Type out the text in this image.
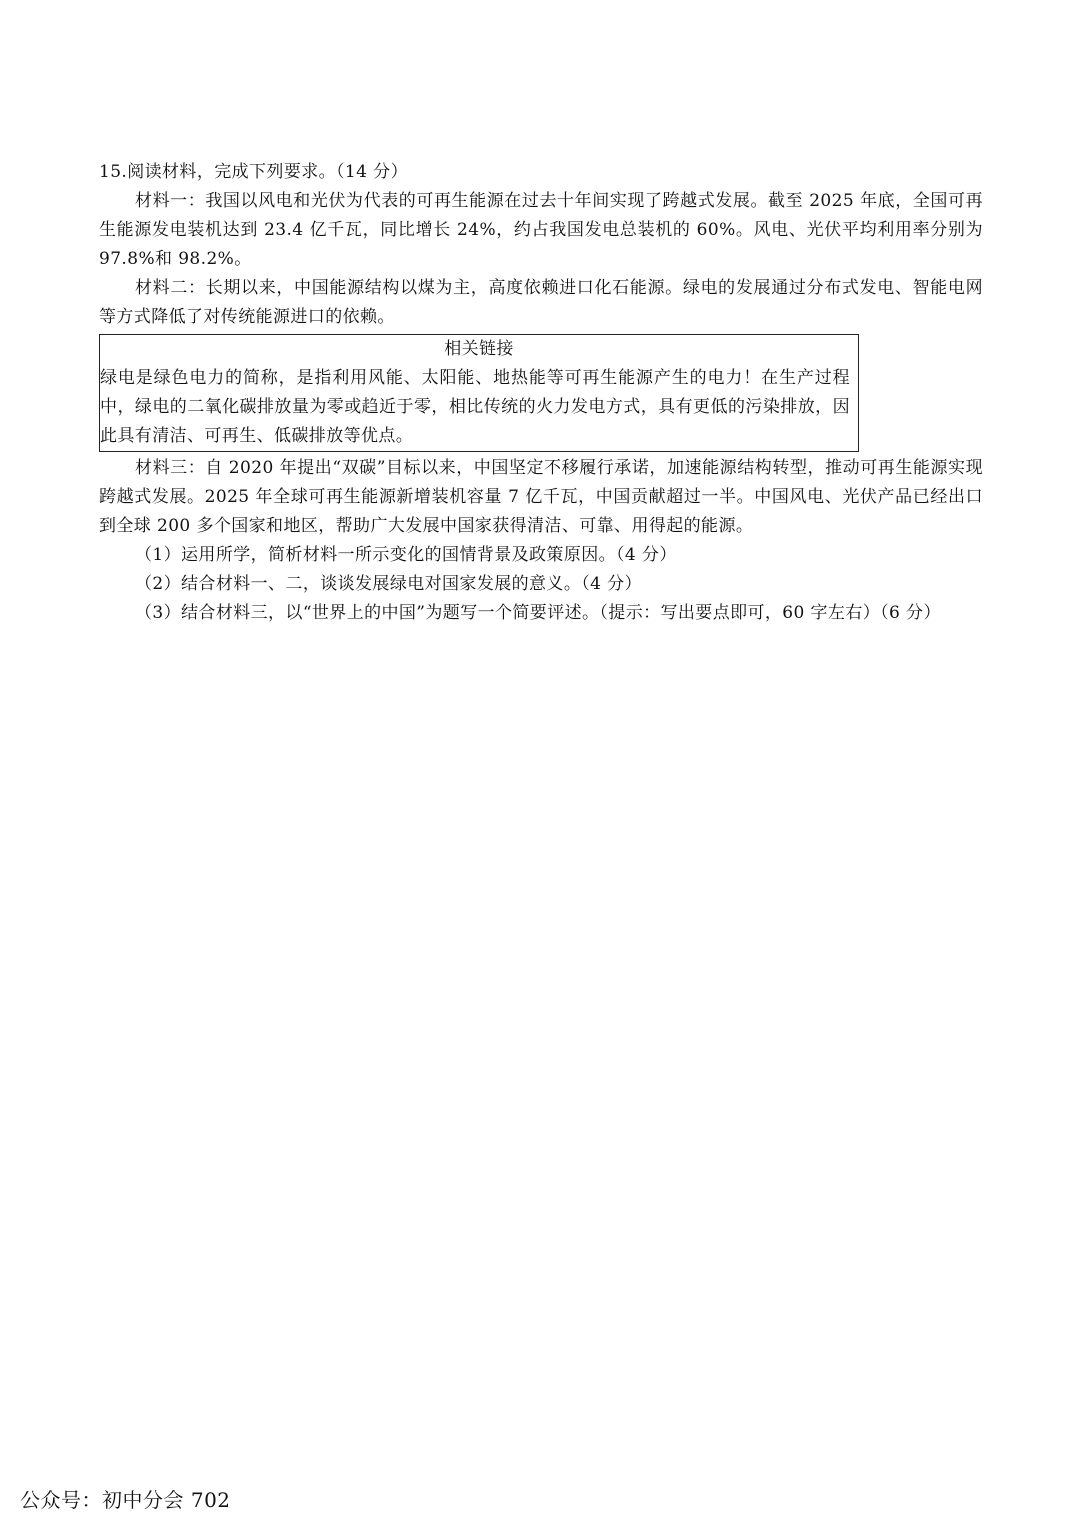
15.阅读材料，完成下列要求。（14 分）

材料一：我国以风电和光伏为代表的可再生能源在过去十年间实现了跨越式发展。截至 2025 年底，全国可再生能源发电装机达到 23.4 亿千瓦，同比增长 24%，约占我国发电总装机的 60%。风电、光伏平均利用率分别为 97.8%和 98.2%。

材料二：长期以来，中国能源结构以煤为主，高度依赖进口化石能源。绿电的发展通过分布式发电、智能电网等方式降低了对传统能源进口的依赖。

相关链接

绿电是绿色电力的简称，是指利用风能、太阳能、地热能等可再生能源产生的电力！在生产过程中，绿电的二氧化碳排放量为零或趋近于零，相比传统的火力发电方式，具有更低的污染排放，因此具有清洁、可再生、低碳排放等优点。

材料三：自 2020 年提出“双碳”目标以来，中国坚定不移履行承诺，加速能源结构转型，推动可再生能源实现跨越式发展。2025 年全球可再生能源新增装机容量 7 亿千瓦，中国贡献超过一半。中国风电、光伏产品已经出口到全球 200 多个国家和地区，帮助广大发展中国家获得清洁、可靠、用得起的能源。

（1）运用所学，简析材料一所示变化的国情背景及政策原因。（4 分）

（2）结合材料一、二，谈谈发展绿电对国家发展的意义。（4 分）

（3）结合材料三，以“世界上的中国”为题写一个简要评述。（提示：写出要点即可，60 字左右）（6 分）

公众号：初中分会 702
